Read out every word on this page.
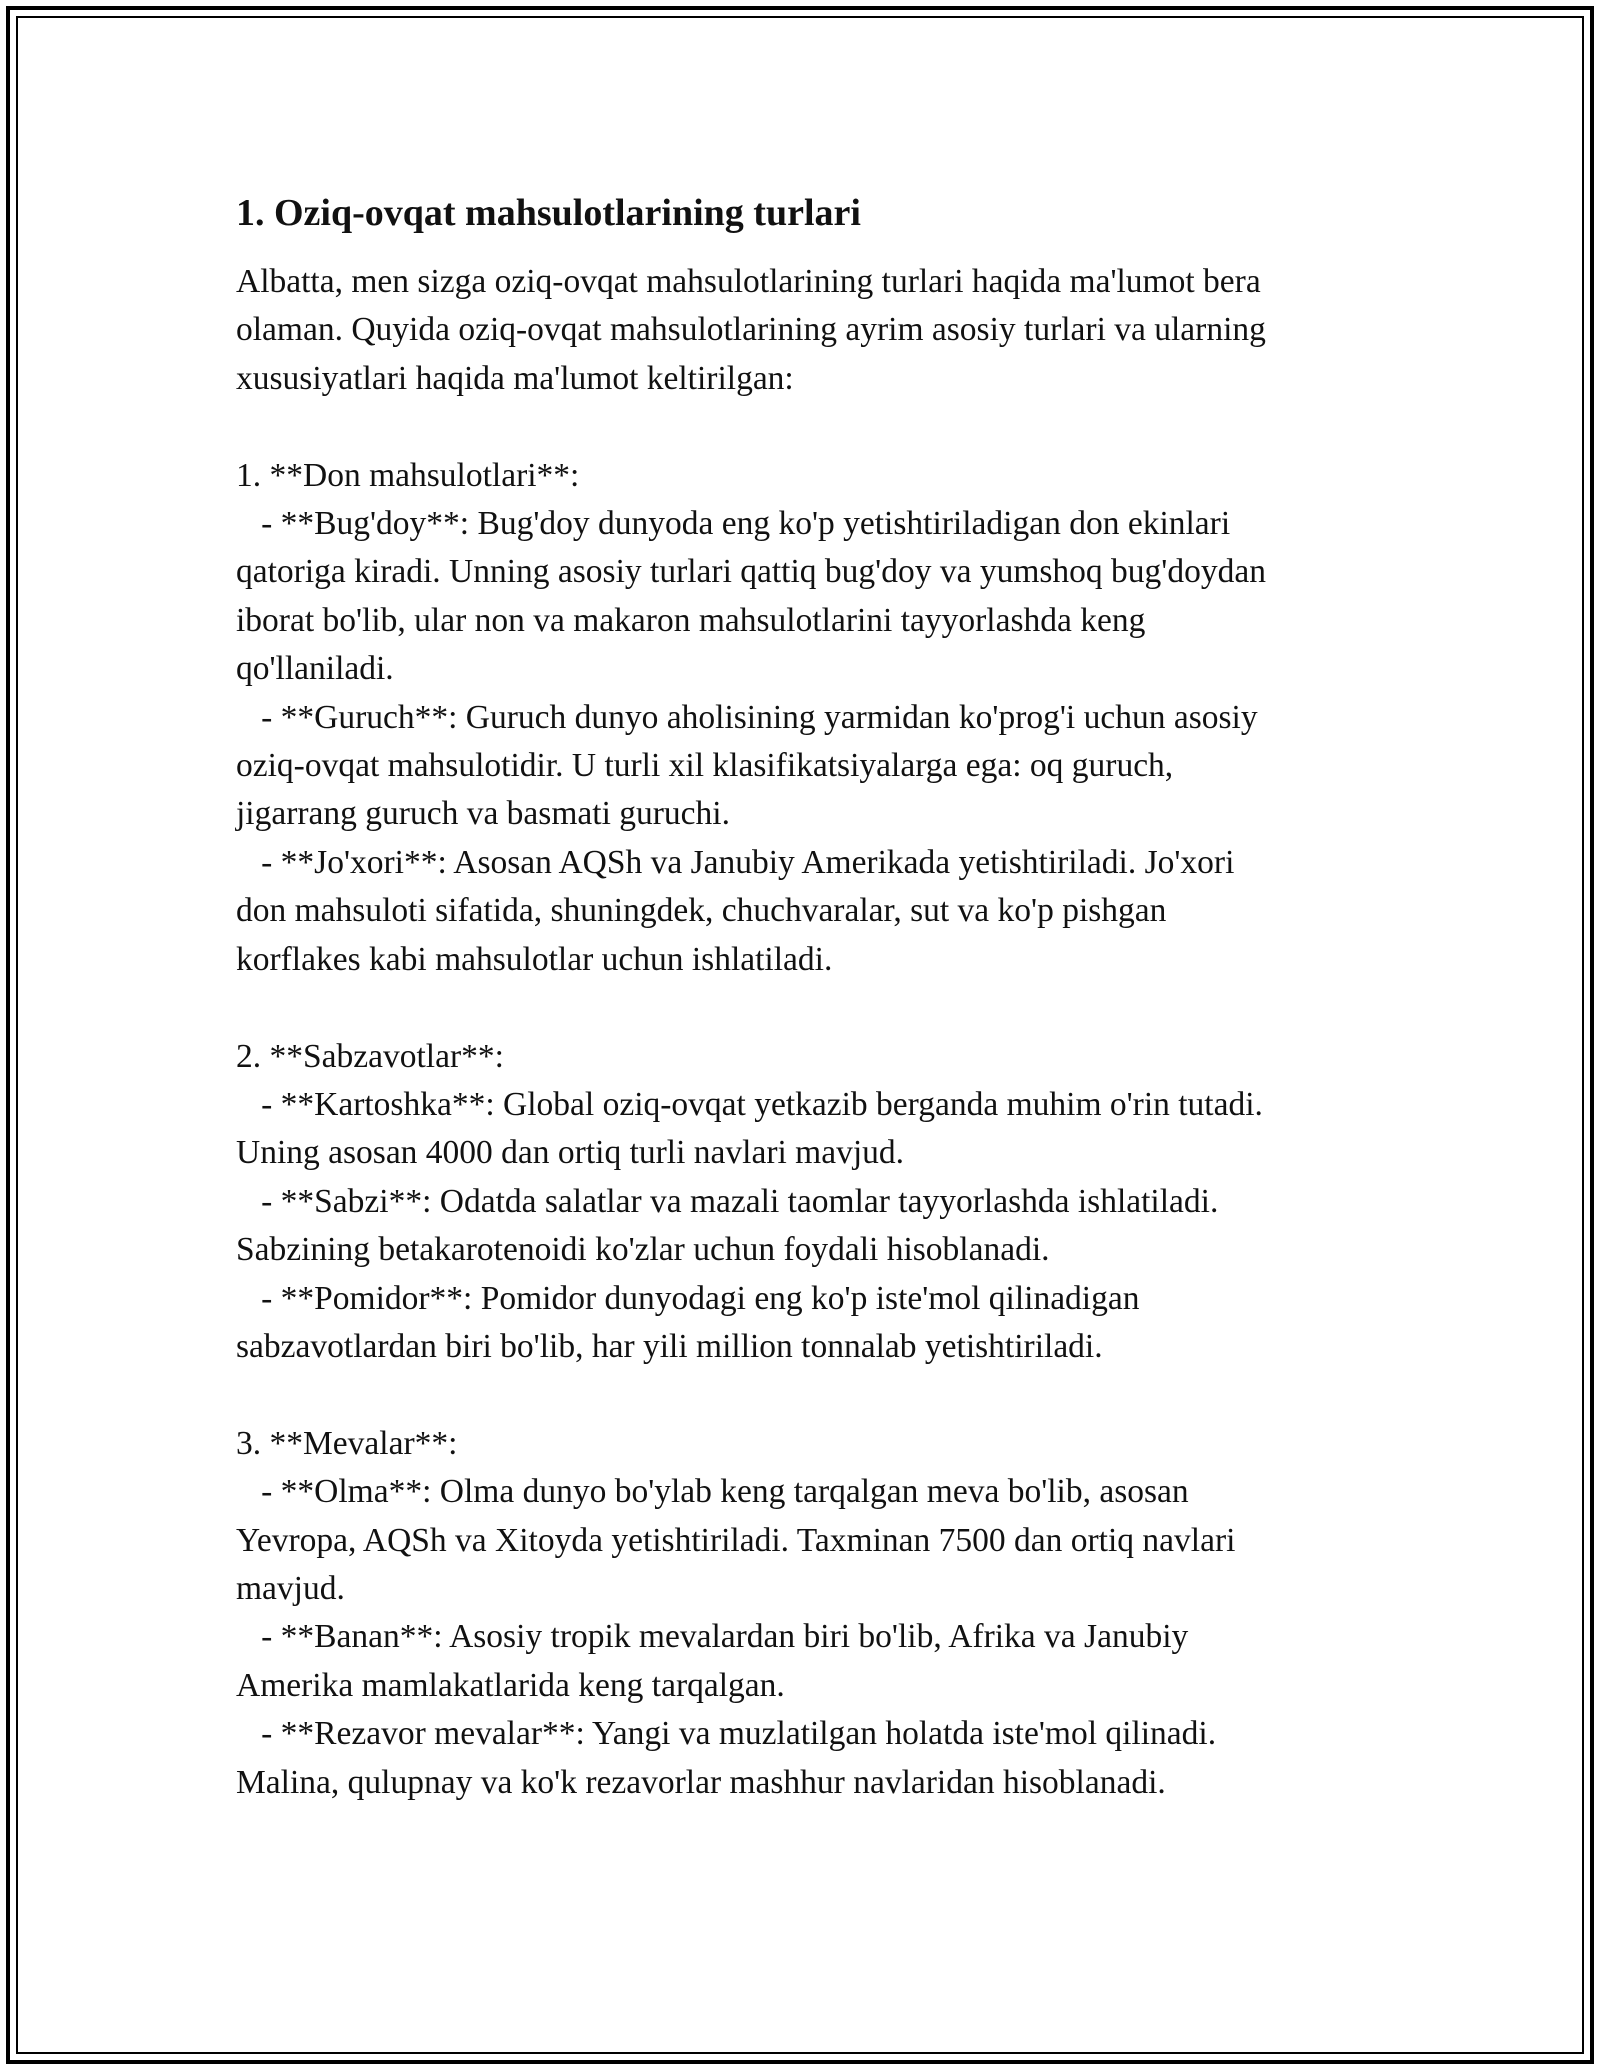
1. Oziq-ovqat mahsulotlarining turlari

Albatta, men sizga oziq-ovqat mahsulotlarining turlari haqida ma'lumot bera
olaman. Quyida oziq-ovqat mahsulotlarining ayrim asosiy turlari va ularning
xususiyatlari haqida ma'lumot keltirilgan:

1. **Don mahsulotlari**:
- **Bug'doy**: Bug'doy dunyoda eng ko'p yetishtiriladigan don ekinlari
qatoriga kiradi. Unning asosiy turlari qattiq bug'doy va yumshoq bug'doydan
iborat bo'lib, ular non va makaron mahsulotlarini tayyorlashda keng
qo'llaniladi.
- **Guruch**: Guruch dunyo aholisining yarmidan ko'prog'i uchun asosiy
oziq-ovqat mahsulotidir. U turli xil klasifikatsiyalarga ega: oq guruch,
jigarrang guruch va basmati guruchi.
- **Jo'xori**: Asosan AQSh va Janubiy Amerikada yetishtiriladi. Jo'xori
don mahsuloti sifatida, shuningdek, chuchvaralar, sut va ko'p pishgan
korflakes kabi mahsulotlar uchun ishlatiladi.

2. **Sabzavotlar**:
- **Kartoshka**: Global oziq-ovqat yetkazib berganda muhim o'rin tutadi.
Uning asosan 4000 dan ortiq turli navlari mavjud.
- **Sabzi**: Odatda salatlar va mazali taomlar tayyorlashda ishlatiladi.
Sabzining betakarotenoidi ko'zlar uchun foydali hisoblanadi.
- **Pomidor**: Pomidor dunyodagi eng ko'p iste'mol qilinadigan
sabzavotlardan biri bo'lib, har yili million tonnalab yetishtiriladi.

3. **Mevalar**:
- **Olma**: Olma dunyo bo'ylab keng tarqalgan meva bo'lib, asosan
Yevropa, AQSh va Xitoyda yetishtiriladi. Taxminan 7500 dan ortiq navlari
mavjud.
- **Banan**: Asosiy tropik mevalardan biri bo'lib, Afrika va Janubiy
Amerika mamlakatlarida keng tarqalgan.
- **Rezavor mevalar**: Yangi va muzlatilgan holatda iste'mol qilinadi.
Malina, qulupnay va ko'k rezavorlar mashhur navlaridan hisoblanadi.
